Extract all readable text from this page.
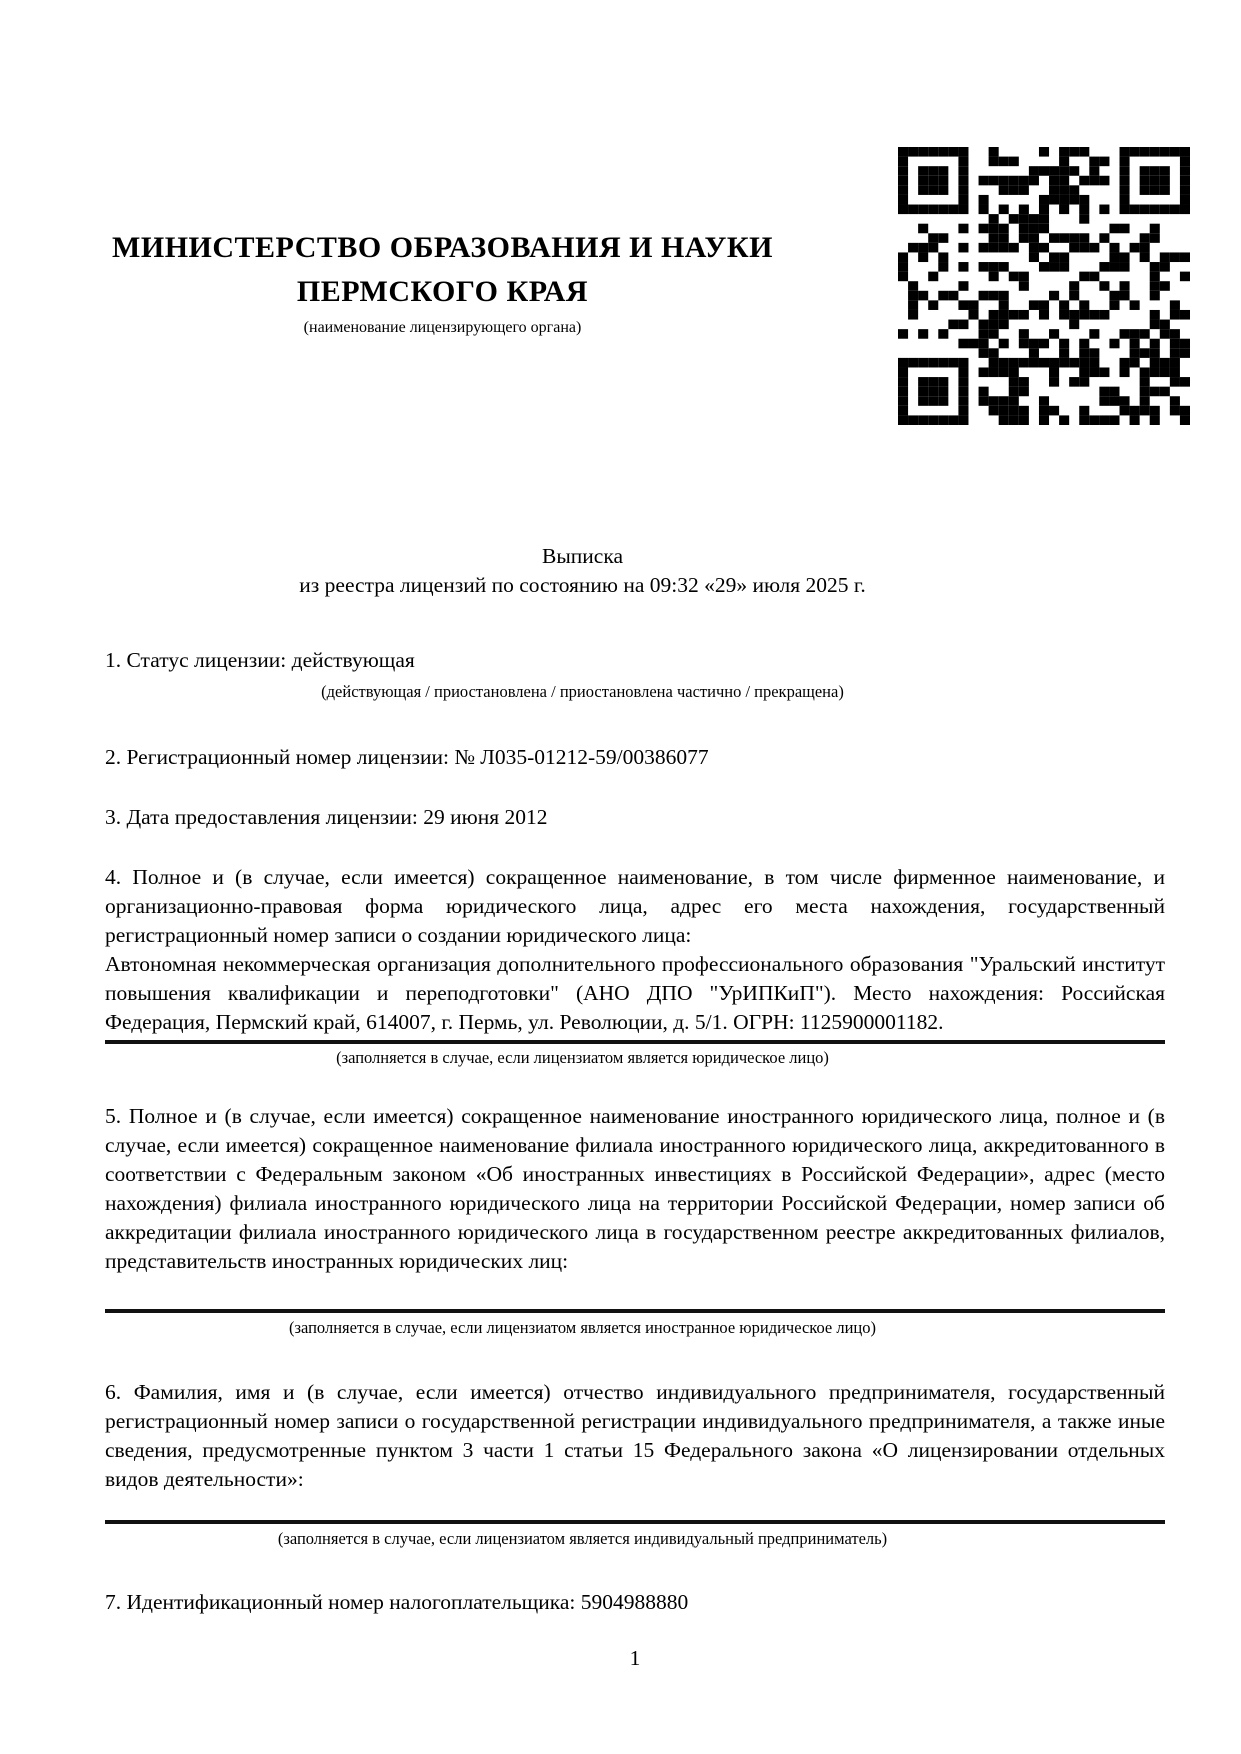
МИНИСТЕРСТВО ОБРАЗОВАНИЯ И НАУКИ
ПЕРМСКОГО КРАЯ
(наименование лицензирующего органа)
Выписка
из реестра лицензий по состоянию на 09:32 «29» июля 2025 г.

1. Статус лицензии: действующая

(действующая / приостановлена / приостановлена частично / прекращена)

2. Регистрационный номер лицензии: № Л035-01212-59/00386077

3. Дата предоставления лицензии: 29 июня 2012

4. Полное и (в случае, если имеется) сокращенное наименование, в том числе фирменное наименование, и организационно-правовая форма юридического лица, адрес его места нахождения, государственный регистрационный номер записи о создании юридического лица:

Автономная некоммерческая организация дополнительного профессионального образования "Уральский институт повышения квалификации и переподготовки" (АНО ДПО "УрИПКиП"). Место нахождения: Российская Федерация, Пермский край, 614007, г. Пермь, ул. Революции, д. 5/1. ОГРН: 1125900001182.

(заполняется в случае, если лицензиатом является юридическое лицо)

5. Полное и (в случае, если имеется) сокращенное наименование иностранного юридического лица, полное и (в случае, если имеется) сокращенное наименование филиала иностранного юридического лица, аккредитованного в соответствии с Федеральным законом «Об иностранных инвестициях в Российской Федерации», адрес (место нахождения) филиала иностранного юридического лица на территории Российской Федерации, номер записи об аккредитации филиала иностранного юридического лица в государственном реестре аккредитованных филиалов, представительств иностранных юридических лиц:

(заполняется в случае, если лицензиатом является иностранное юридическое лицо)

6. Фамилия, имя и (в случае, если имеется) отчество индивидуального предпринимателя, государственный регистрационный номер записи о государственной регистрации индивидуального предпринимателя, а также иные сведения, предусмотренные пунктом 3 части 1 статьи 15 Федерального закона «О лицензировании отдельных видов деятельности»:

(заполняется в случае, если лицензиатом является индивидуальный предприниматель)

7. Идентификационный номер налогоплательщика: 5904988880

1
